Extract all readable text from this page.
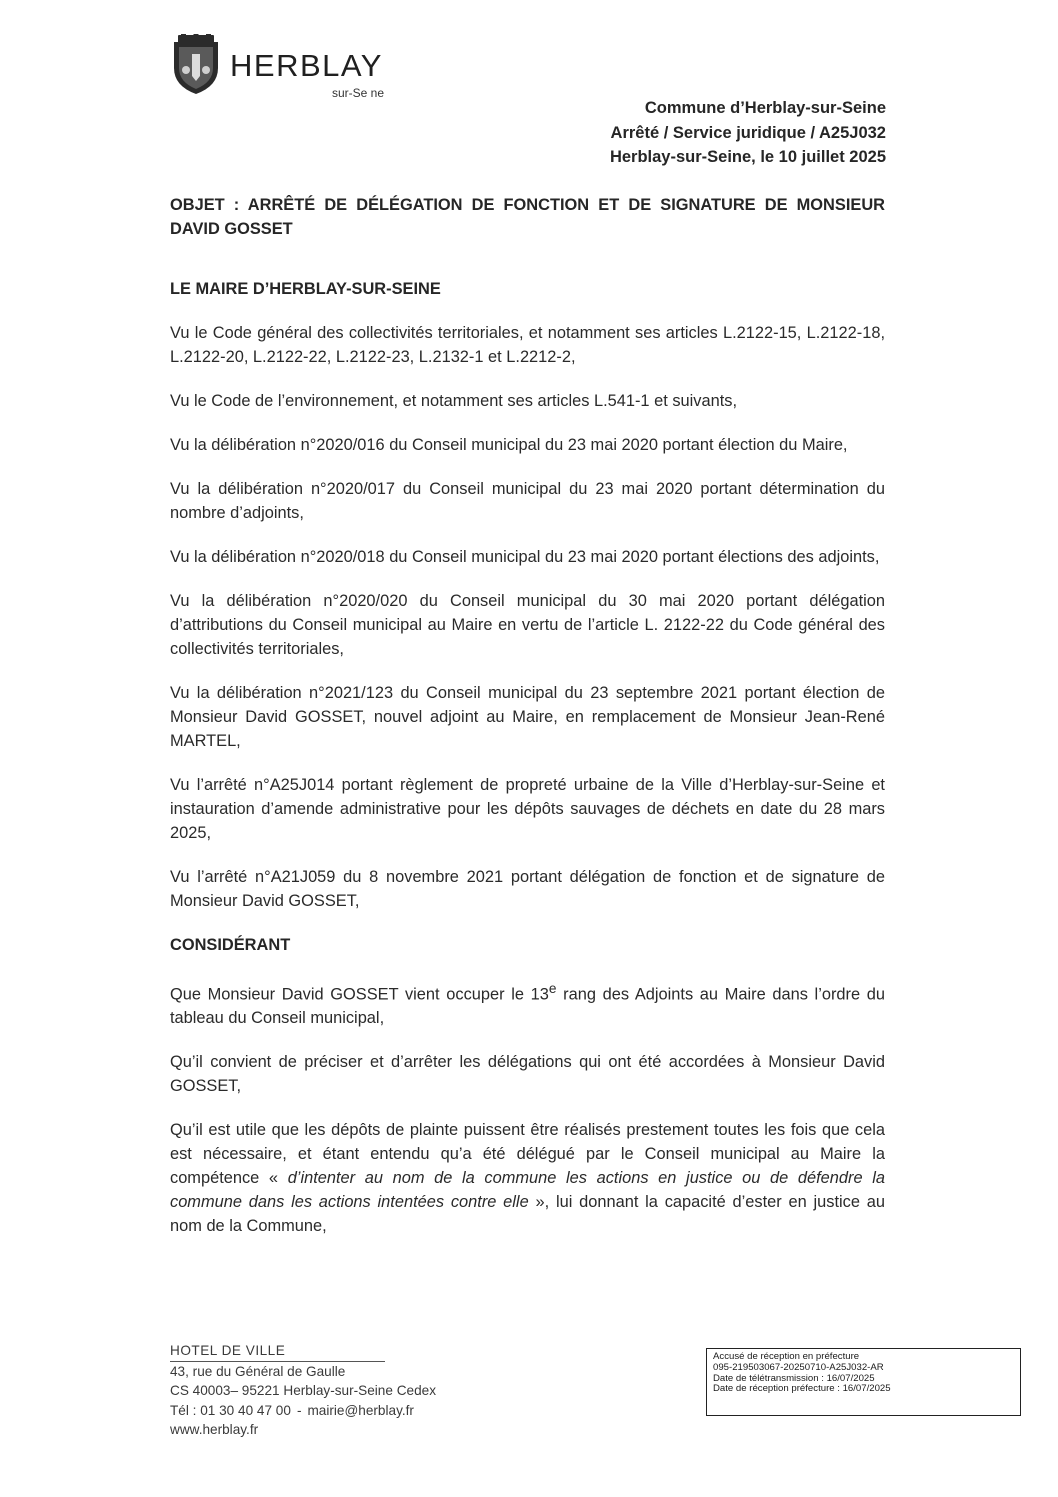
HERBLAY
sur-Se ne
Commune d’Herblay-sur-Seine
Arrêté / Service juridique / A25J032
Herblay-sur-Seine, le 10 juillet 2025

OBJET : ARRÊTÉ DE DÉLÉGATION DE FONCTION ET DE SIGNATURE DE MONSIEUR DAVID GOSSET

LE MAIRE D’HERBLAY-SUR-SEINE

Vu le Code général des collectivités territoriales, et notamment ses articles L.2122-15, L.2122-18, L.2122-20, L.2122-22, L.2122-23, L.2132-1 et L.2212-2,

Vu le Code de l’environnement, et notamment ses articles L.541-1 et suivants,

Vu la délibération n°2020/016 du Conseil municipal du 23 mai 2020 portant élection du Maire,

Vu la délibération n°2020/017 du Conseil municipal du 23 mai 2020 portant détermination du nombre d’adjoints,

Vu la délibération n°2020/018 du Conseil municipal du 23 mai 2020 portant élections des adjoints,

Vu la délibération n°2020/020 du Conseil municipal du 30 mai 2020 portant délégation d’attributions du Conseil municipal au Maire en vertu de l’article L. 2122-22 du Code général des collectivités territoriales,

Vu la délibération n°2021/123 du Conseil municipal du 23 septembre 2021 portant élection de Monsieur David GOSSET, nouvel adjoint au Maire, en remplacement de Monsieur Jean-René MARTEL,

Vu l’arrêté n°A25J014 portant règlement de propreté urbaine de la Ville d’Herblay-sur-Seine et instauration d’amende administrative pour les dépôts sauvages de déchets en date du 28 mars 2025,

Vu l’arrêté n°A21J059 du 8 novembre 2021 portant délégation de fonction et de signature de Monsieur David GOSSET,

CONSIDÉRANT

Que Monsieur David GOSSET vient occuper le 13e rang des Adjoints au Maire dans l’ordre du tableau du Conseil municipal,

Qu’il convient de préciser et d’arrêter les délégations qui ont été accordées à Monsieur David GOSSET,

Qu’il est utile que les dépôts de plainte puissent être réalisés prestement toutes les fois que cela est nécessaire, et étant entendu qu’a été délégué par le Conseil municipal au Maire la compétence « d’intenter au nom de la commune les actions en justice ou de défendre la commune dans les actions intentées contre elle », lui donnant la capacité d’ester en justice au nom de la Commune,

HOTEL DE VILLE
43, rue du Général de Gaulle
CS 40003– 95221 Herblay-sur-Seine Cedex
Tél : 01 30 40 47 00 - mairie@herblay.fr
www.herblay.fr
Accusé de réception en préfecture
095-219503067-20250710-A25J032-AR
Date de télétransmission : 16/07/2025
Date de réception préfecture : 16/07/2025
